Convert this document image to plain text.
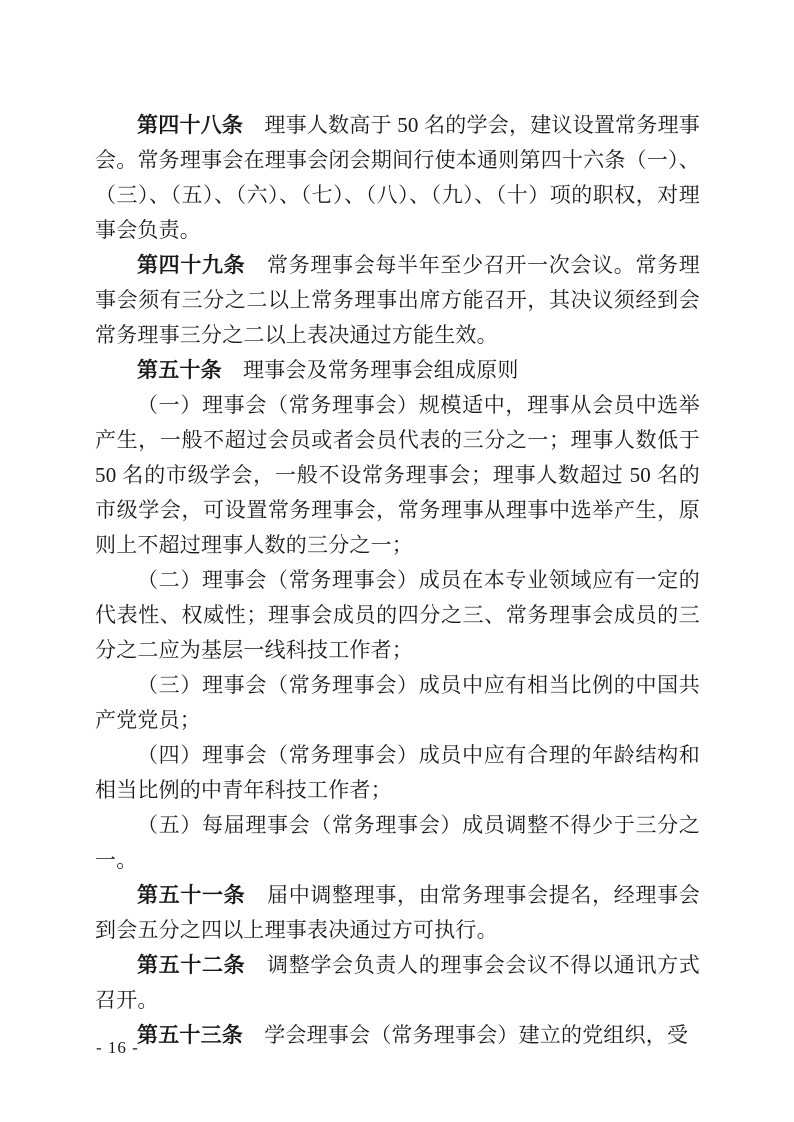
第四十八条　理事人数高于 50 名的学会，建议设置常务理事会。常务理事会在理事会闭会期间行使本通则第四十六条（一）、（三）、（五）、（六）、（七）、（八）、（九）、（十）项的职权，对理事会负责。

第四十九条　常务理事会每半年至少召开一次会议。常务理事会须有三分之二以上常务理事出席方能召开，其决议须经到会常务理事三分之二以上表决通过方能生效。

第五十条　理事会及常务理事会组成原则

（一）理事会（常务理事会）规模适中，理事从会员中选举产生，一般不超过会员或者会员代表的三分之一；理事人数低于 50 名的市级学会，一般不设常务理事会；理事人数超过 50 名的市级学会，可设置常务理事会，常务理事从理事中选举产生，原则上不超过理事人数的三分之一；

（二）理事会（常务理事会）成员在本专业领域应有一定的代表性、权威性；理事会成员的四分之三、常务理事会成员的三分之二应为基层一线科技工作者；

（三）理事会（常务理事会）成员中应有相当比例的中国共产党党员；

（四）理事会（常务理事会）成员中应有合理的年龄结构和相当比例的中青年科技工作者；

（五）每届理事会（常务理事会）成员调整不得少于三分之一。

第五十一条　届中调整理事，由常务理事会提名，经理事会到会五分之四以上理事表决通过方可执行。

第五十二条　调整学会负责人的理事会会议不得以通讯方式召开。

第五十三条　学会理事会（常务理事会）建立的党组织，受

- 16 -
